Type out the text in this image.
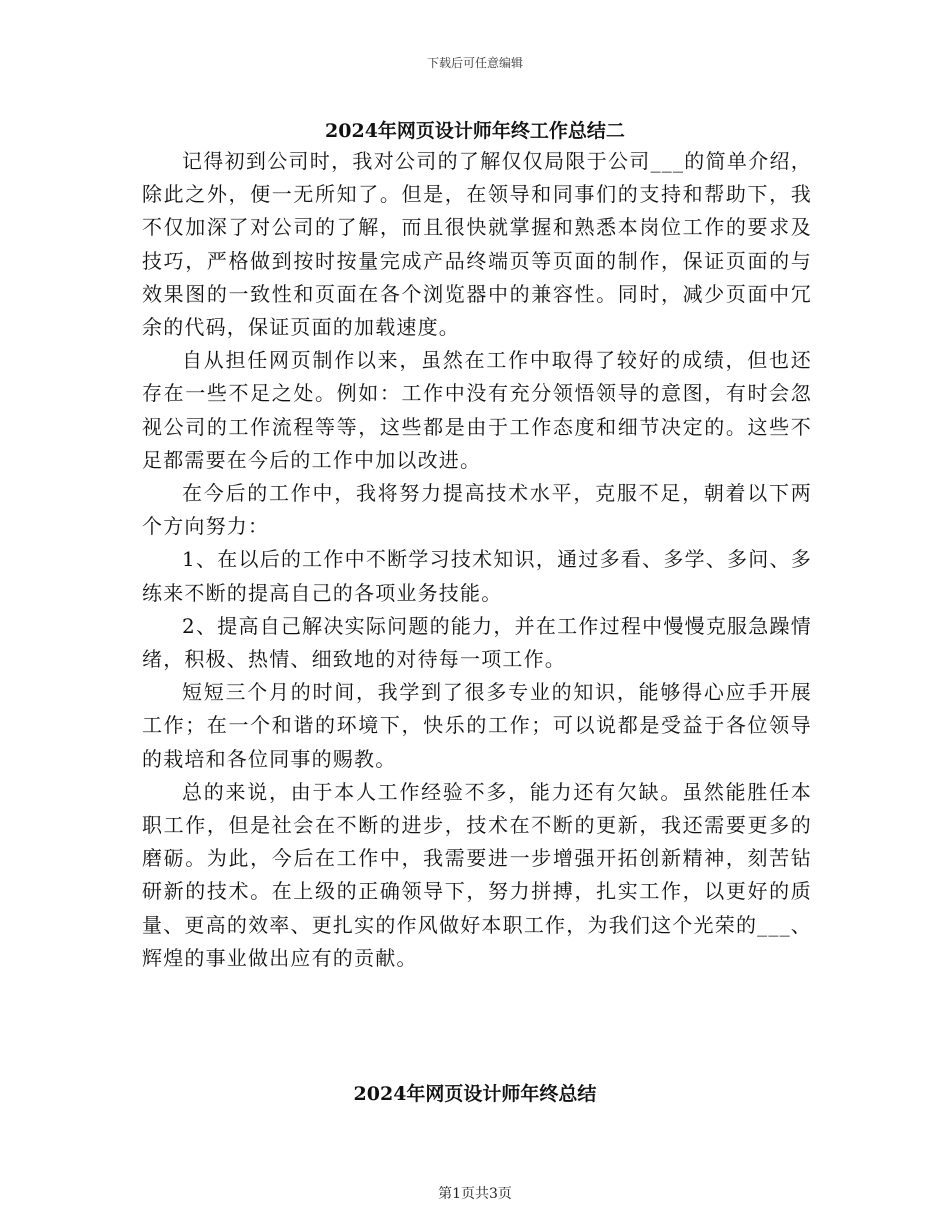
下载后可任意编辑
2024年网页设计师年终工作总结二

记得初到公司时，我对公司的了解仅仅局限于公司___的简单介绍，除此之外，便一无所知了。但是，在领导和同事们的支持和帮助下，我不仅加深了对公司的了解，而且很快就掌握和熟悉本岗位工作的要求及技巧，严格做到按时按量完成产品终端页等页面的制作，保证页面的与效果图的一致性和页面在各个浏览器中的兼容性。同时，减少页面中冗余的代码，保证页面的加载速度。

自从担任网页制作以来，虽然在工作中取得了较好的成绩，但也还存在一些不足之处。例如：工作中没有充分领悟领导的意图，有时会忽视公司的工作流程等等，这些都是由于工作态度和细节决定的。这些不足都需要在今后的工作中加以改进。

在今后的工作中，我将努力提高技术水平，克服不足，朝着以下两个方向努力：

1、在以后的工作中不断学习技术知识，通过多看、多学、多问、多练来不断的提高自己的各项业务技能。

2、提高自己解决实际问题的能力，并在工作过程中慢慢克服急躁情绪，积极、热情、细致地的对待每一项工作。

短短三个月的时间，我学到了很多专业的知识，能够得心应手开展工作；在一个和谐的环境下，快乐的工作；可以说都是受益于各位领导的栽培和各位同事的赐教。

总的来说，由于本人工作经验不多，能力还有欠缺。虽然能胜任本职工作，但是社会在不断的进步，技术在不断的更新，我还需要更多的磨砺。为此，今后在工作中，我需要进一步增强开拓创新精神，刻苦钻研新的技术。在上级的正确领导下，努力拼搏，扎实工作，以更好的质量、更高的效率、更扎实的作风做好本职工作，为我们这个光荣的___、辉煌的事业做出应有的贡献。

2024年网页设计师年终总结
第1页共3页
